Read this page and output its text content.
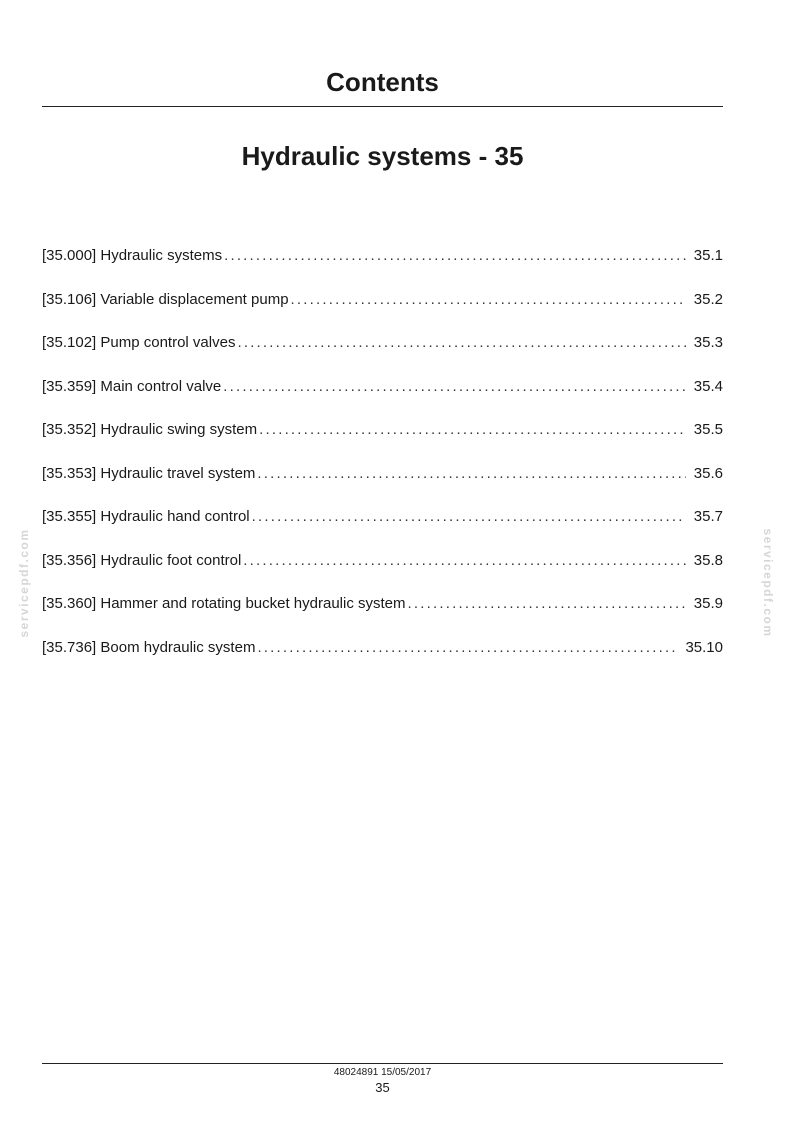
Contents
Hydraulic systems - 35
[35.000] Hydraulic systems .....	35.1
[35.106] Variable displacement pump .....	35.2
[35.102] Pump control valves .....	35.3
[35.359] Main control valve .....	35.4
[35.352] Hydraulic swing system .....	35.5
[35.353] Hydraulic travel system .....	35.6
[35.355] Hydraulic hand control .....	35.7
[35.356] Hydraulic foot control .....	35.8
[35.360] Hammer and rotating bucket hydraulic system .....	35.9
[35.736] Boom hydraulic system .....	35.10
servicepdf.com	servicepdf.com
48024891 15/05/2017
35
